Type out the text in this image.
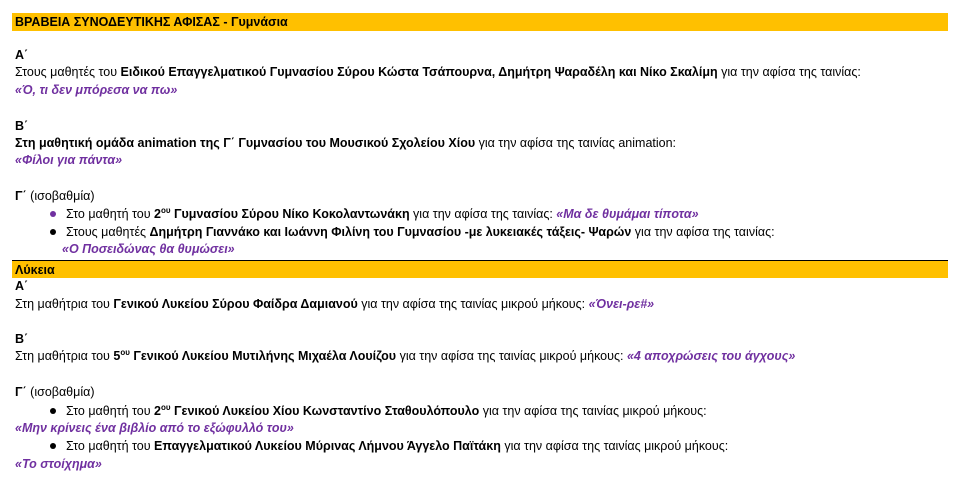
ΒΡΑΒΕΙΑ ΣΥΝΟΔΕΥΤΙΚΗΣ ΑΦΙΣΑΣ - Γυμνάσια
Α΄
Στους μαθητές του Ειδικού Επαγγελματικού Γυμνασίου Σύρου Κώστα Τσάπουρνα, Δημήτρη Ψαραδέλη και Νίκο Σκαλίμη για την αφίσα της ταινίας:
«Ό, τι δεν μπόρεσα να πω»
Β΄
Στη μαθητική ομάδα animation της Γ΄ Γυμνασίου του Μουσικού Σχολείου Χίου για την αφίσα της ταινίας animation:
«Φίλοι για πάντα»
Γ΄ (ισοβαθμία)
Στο μαθητή του $2^{o\upsilon}$ Γυμνασίου Σύρου Νίκο Κοκολαντωνάκη για την αφίσα της ταινίας: «Μα δε θυμάμαι τίποτα»
Στους μαθητές Δημήτρη Γιαννάκο και Ιωάννη Φιλίνη του Γυμνασίου -με λυκειακές τάξεις- Ψαρών για την αφίσα της ταινίας:
«Ο Ποσειδώνας θα θυμώσει»
Λύκεια
Α΄
Στη μαθήτρια του Γενικού Λυκείου Σύρου Φαίδρα Δαμιανού για την αφίσα της ταινίας μικρού μήκους: «Όνει-ρε#»
Β΄
Στη μαθήτρια του $5^{o\upsilon}$ Γενικού Λυκείου Μυτιλήνης Μιχαέλα Λουίζου για την αφίσα της ταινίας μικρού μήκους: «4 αποχρώσεις του άγχους»
Γ΄ (ισοβαθμία)
Στο μαθητή του $2^{o\upsilon}$ Γενικού Λυκείου Χίου Κωνσταντίνο Σταθουλόπουλο για την αφίσα της ταινίας μικρού μήκους:
«Μην κρίνεις ένα βιβλίο από το εξώφυλλό του»
Στο μαθητή του Επαγγελματικού Λυκείου Μύρινας Λήμνου Άγγελο Παϊτάκη για την αφίσα της ταινίας μικρού μήκους:
«Το στοίχημα»
